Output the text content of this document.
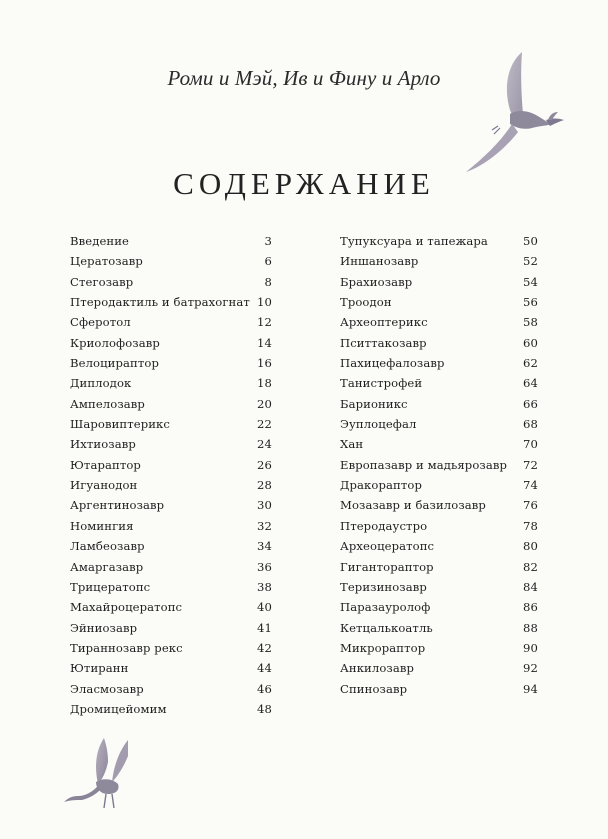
Роми и Мэй, Ив и Фину и Арло
СОДЕРЖАНИЕ
Введение	3
Цератозавр	6
Стегозавр	8
Птеродактиль и батрахогнат 10
Сферотол	12
Криолофозавр	14
Велоцираптор	16
Диплодок	18
Ампелозавр	20
Шаровиптерикс	22
Ихтиозавр	24
Ютараптор	26
Игуанодон	28
Аргентинозавр	30
Номингия	32
Ламбеозавр	34
Амаргазавр	36
Трицератопс	38
Махайроцератопс	40
Эйниозавр	41
Тираннозавр рекс	42
Ютиранн	44
Эласмозавр	46
Дромицейомим	48
Тупуксуара и тапежара	50
Иншанозавр	52
Брахиозавр	54
Троодон	56
Археоптерикс	58
Пситтакозавр	60
Пахицефалозавр	62
Танистрофей	64
Барионикс	66
Эуплоцефал	68
Хан	70
Европазавр и мадьярозавр 72
Дракораптор	74
Мозазавр и базилозавр	76
Птеродаустро	78
Археоцератопс	80
Гиганторaптор	82
Теризинозавр	84
Паразауролоф	86
Кетцалькоатль	88
Микрораптор	90
Анкилозавр	92
Спинозавр	94
